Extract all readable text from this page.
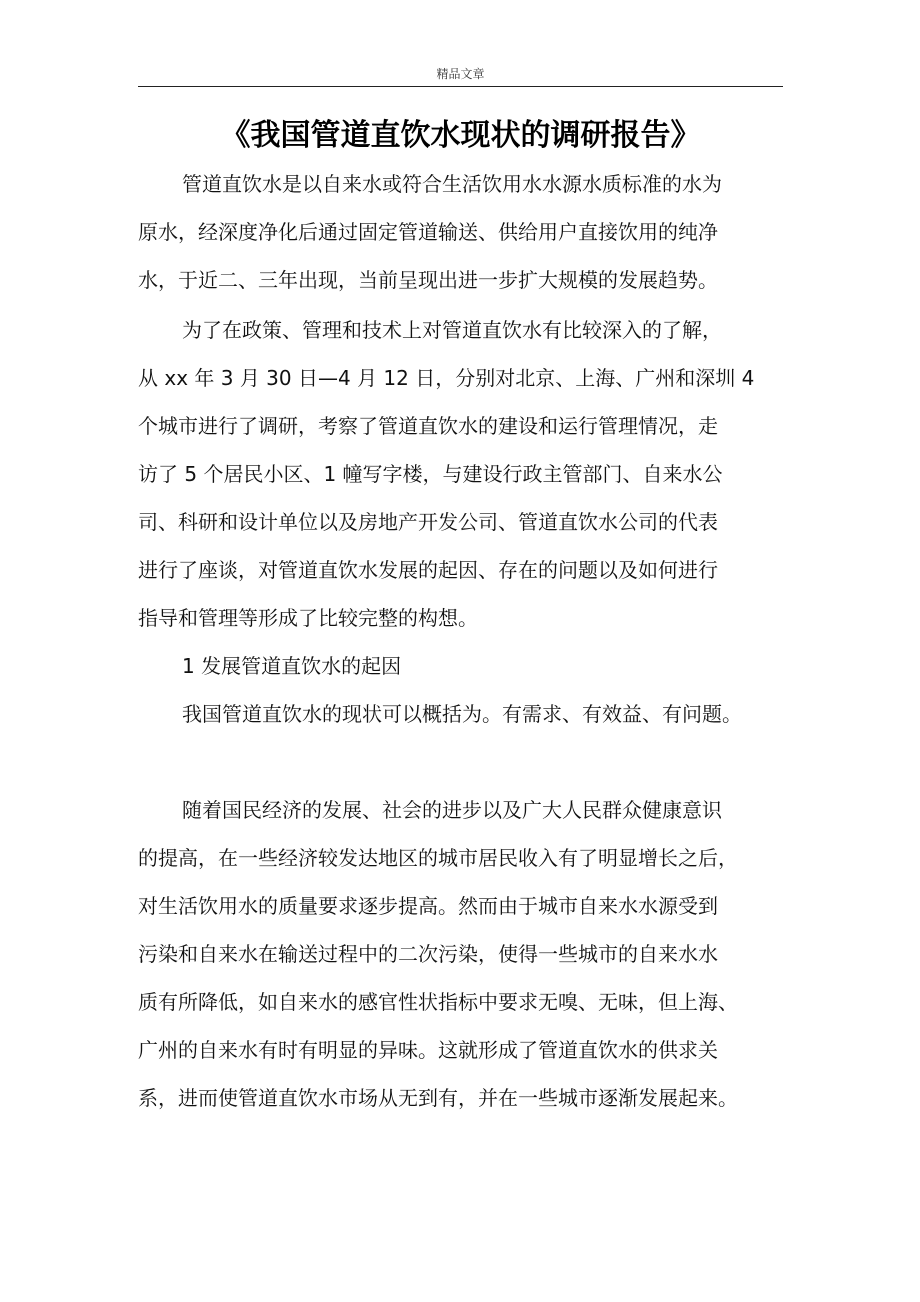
精品文章
《我国管道直饮水现状的调研报告》
管道直饮水是以自来水或符合生活饮用水水源水质标准的水为
原水，经深度净化后通过固定管道输送、供给用户直接饮用的纯净
水，于近二、三年出现，当前呈现出进一步扩大规模的发展趋势。
为了在政策、管理和技术上对管道直饮水有比较深入的了解，
从 xx 年 3 月 30 日—4 月 12 日，分别对北京、上海、广州和深圳 4
个城市进行了调研，考察了管道直饮水的建设和运行管理情况，走
访了 5 个居民小区、1 幢写字楼，与建设行政主管部门、自来水公
司、科研和设计单位以及房地产开发公司、管道直饮水公司的代表
进行了座谈，对管道直饮水发展的起因、存在的问题以及如何进行
指导和管理等形成了比较完整的构想。
1 发展管道直饮水的起因
我国管道直饮水的现状可以概括为。有需求、有效益、有问题。
随着国民经济的发展、社会的进步以及广大人民群众健康意识
的提高，在一些经济较发达地区的城市居民收入有了明显增长之后，
对生活饮用水的质量要求逐步提高。然而由于城市自来水水源受到
污染和自来水在输送过程中的二次污染，使得一些城市的自来水水
质有所降低，如自来水的感官性状指标中要求无嗅、无味，但上海、
广州的自来水有时有明显的异味。这就形成了管道直饮水的供求关
系，进而使管道直饮水市场从无到有，并在一些城市逐渐发展起来。
